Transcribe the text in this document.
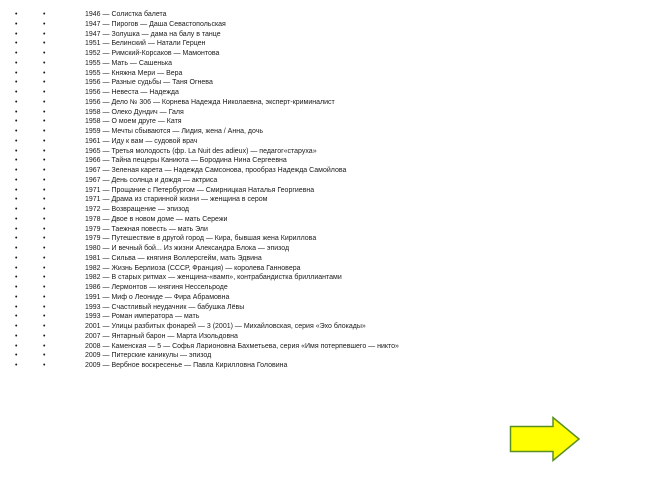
•	•	1946 — Солистка балета
•	•	1947 — Пирогов — Даша Севастопольская
•	•	1947 — Золушка — дама на балу в танце
•	•	1951 — Белинский — Натали Герцен
•	•	1952 — Римский-Корсаков — Мамонтова
•	•	1955 — Мать — Сашенька
•	•	1955 — Княжна Мери — Вера
•	•	1956 — Разные судьбы — Таня Огнева
•	•	1956 — Невеста — Надежда
•	•	1956 — Дело № 306 — Корнева Надежда Николаевна, эксперт-криминалист
•	•	1958 — Олеко Дундич — Галя
•	•	1958 — О моем друге — Катя
•	•	1959 — Мечты сбываются — Лидия, жена / Анна, дочь
•	•	1961 — Иду к вам — судовой врач
•	•	1965 — Третья молодость (фр. La Nuit des adieux) — педагог«старуха»
•	•	1966 — Тайна пещеры Каниюта — Бородина Нина Сергеевна
•	•	1967 — Зеленая карета — Надежда Самсонова, прообраз Надежда Самойлова
•	•	1967 — День солнца и дождя — актриса
•	•	1971 — Прощание с Петербургом — Смирницкая Наталья Георгиевна
•	•	1971 — Драма из старинной жизни — женщина в сером
•	•	1972 — Возвращение — эпизод
•	•	1978 — Двое в новом доме — мать Сережи
•	•	1979 — Таежная повесть — мать Эли
•	•	1979 — Путешествие в другой город — Кира, бывшая жена Кириллова
•	•	1980 — И вечный бой... Из жизни Александра Блока — эпизод
•	•	1981 — Сильва — княгиня Воллерсгейм, мать Эдвина
•	•	1982 — Жизнь Берлиоза (СССР, Франция) — королева Ганновера
•	•	1982 — В старых ритмах — женщина-«вамп», контрабандистка бриллиантами
•	•	1986 — Лермонтов — княгиня Нессельроде
•	•	1991 — Миф о Леониде — Фира Абрамовна
•	•	1993 — Счастливый неудачник — бабушка Лёвы
•	•	1993 — Роман императора — мать
•	•	2001 — Улицы разбитых фонарей — 3 (2001) — Михайловская, серия «Эхо блокады»
•	•	2007 — Янтарный барон — Марта Изольдовна
•	•	2008 — Каменская — 5 — Софья Ларионовна Бахметьева, серия «Имя потерпевшего — никто»
•	•	2009 — Питерские каникулы — эпизод
•	•	2009 — Вербное воскресенье — Павла Кирилловна Головина
